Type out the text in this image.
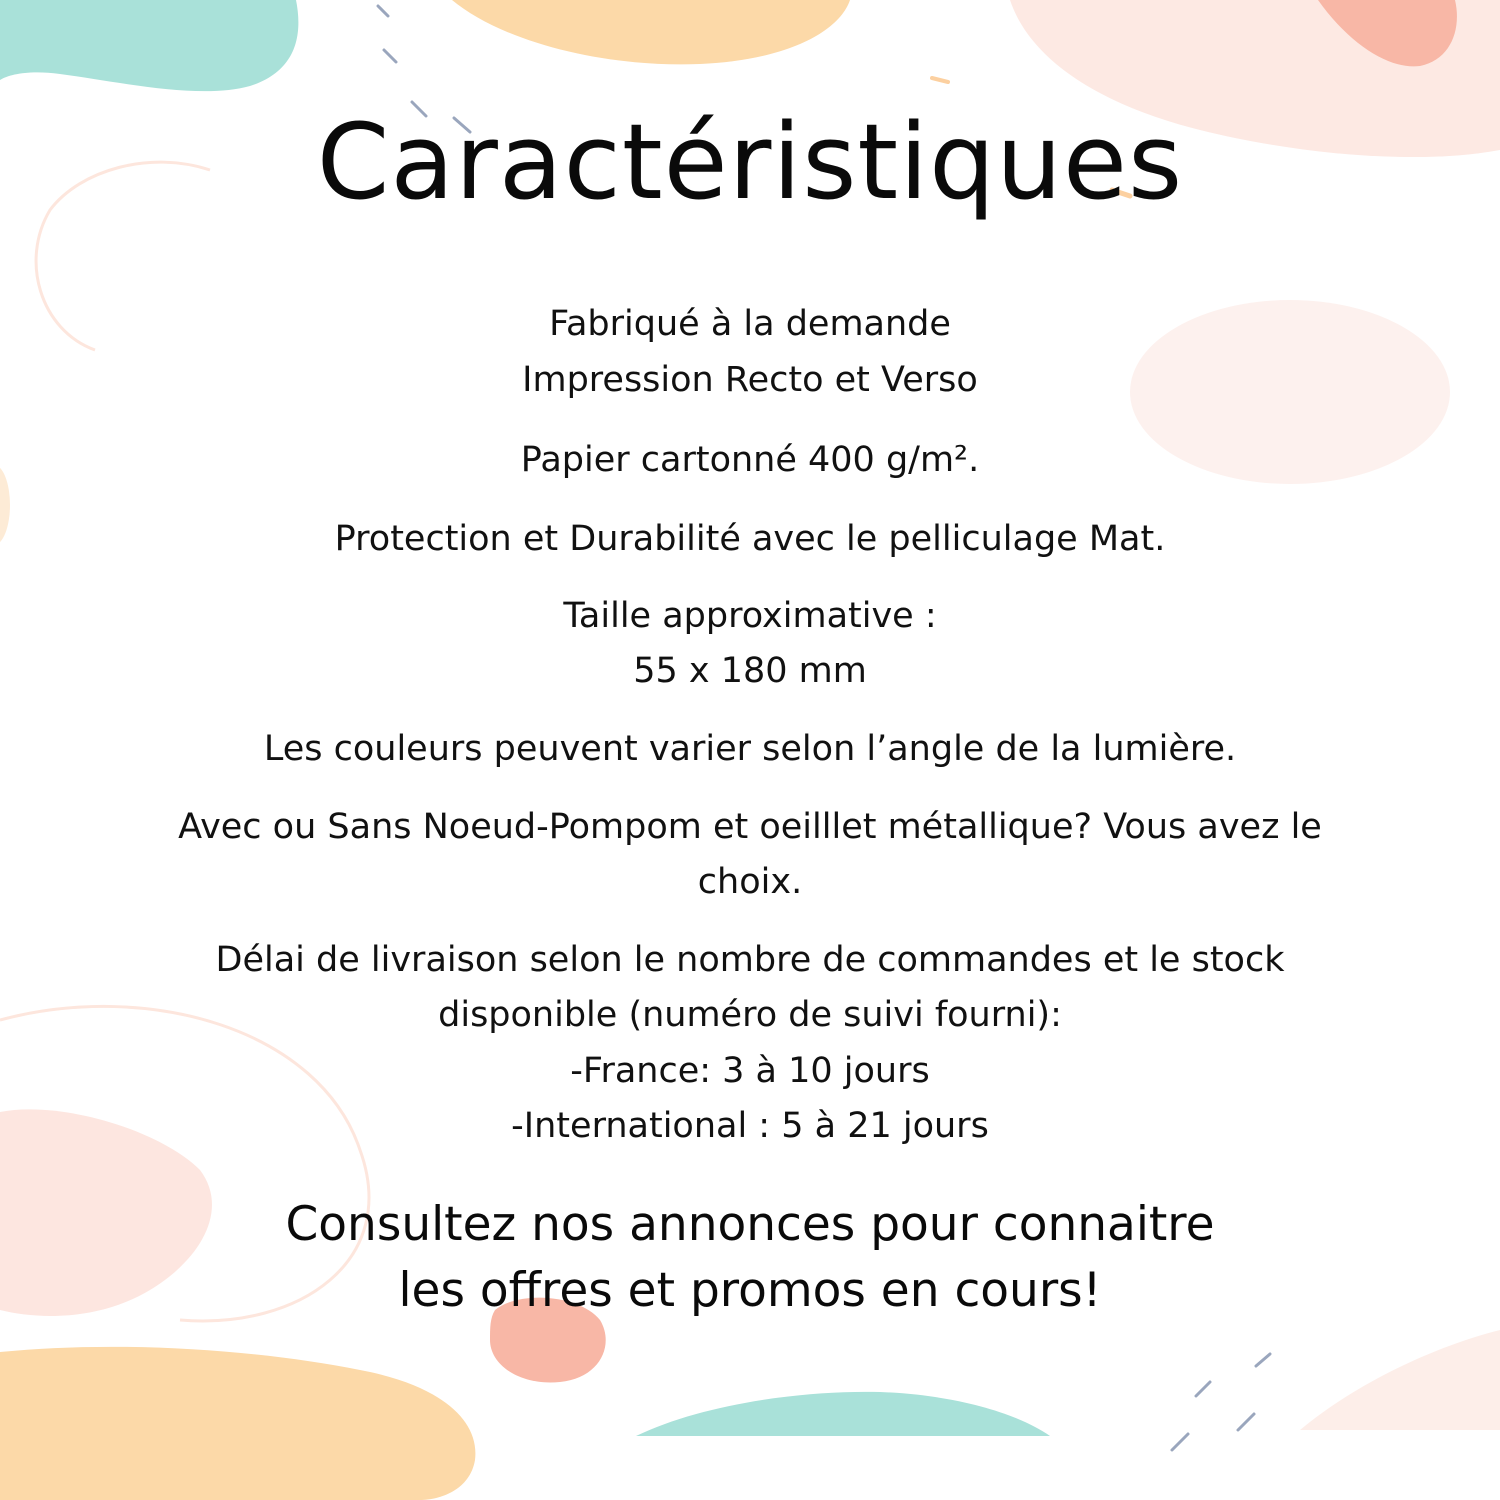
Caractéristiques
Fabriqué à la demande
Impression Recto et Verso
Papier cartonné 400 g/m².
Protection et Durabilité avec le pelliculage Mat.
Taille approximative :
55 x 180 mm
Les couleurs peuvent varier selon l’angle de la lumière.
Avec ou Sans Noeud-Pompom et oeilllet métallique? Vous avez le
choix.
Délai de livraison selon le nombre de commandes et le stock
disponible (numéro de suivi fourni):
-France: 3 à 10 jours
-International : 5 à 21 jours
Consultez nos annonces pour connaitre
les offres et promos en cours!
